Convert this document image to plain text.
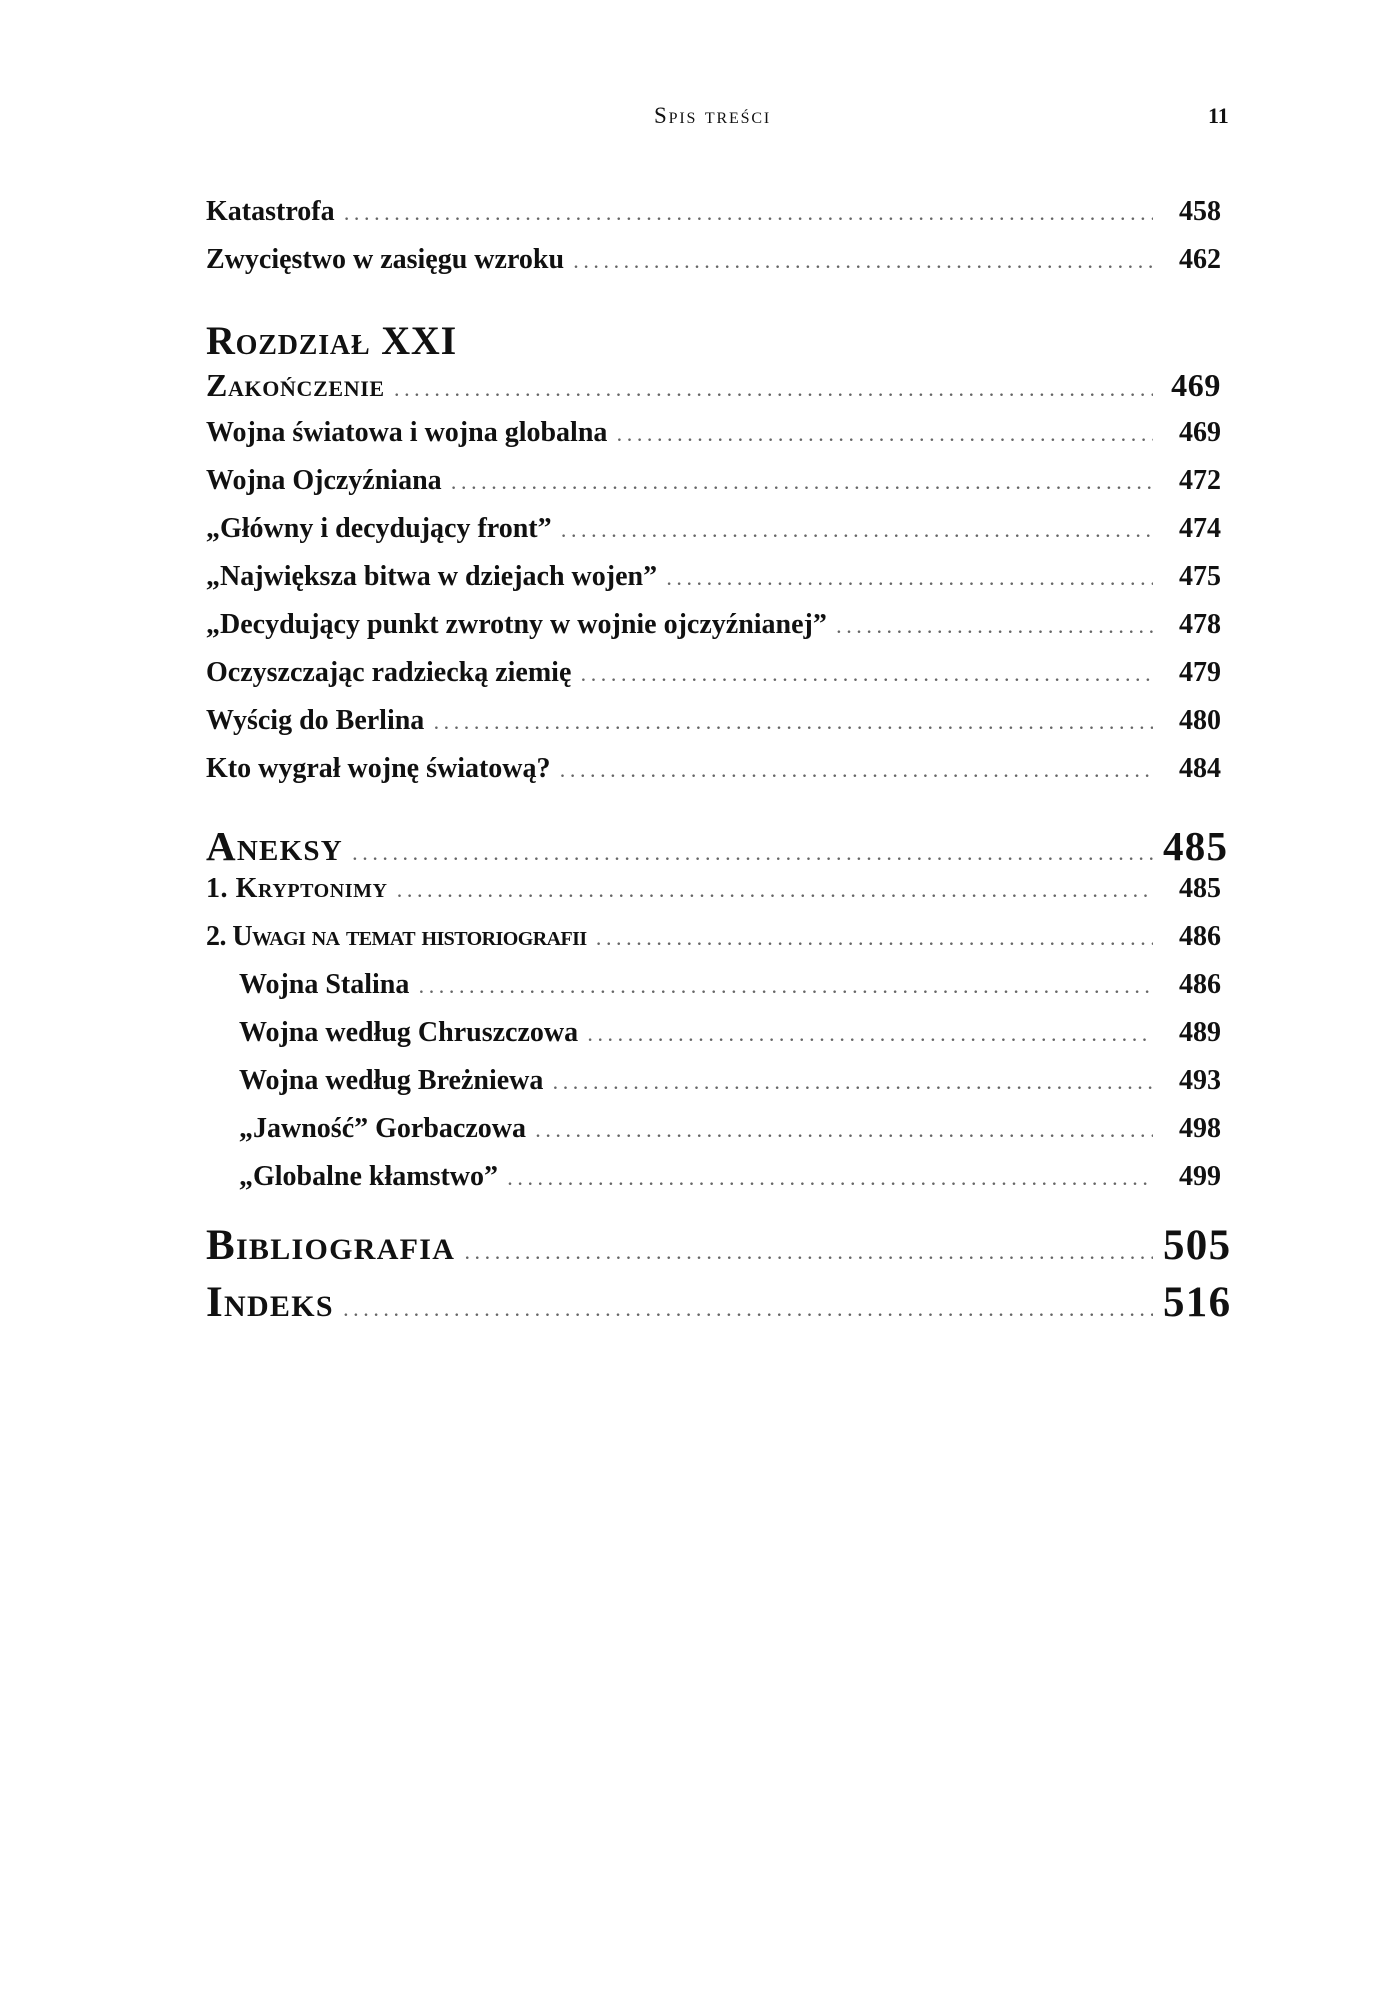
Spis treści	11
Katastrofa .....	458
Zwycięstwo w zasięgu wzroku .....	462
Rozdział XXI
Zakończenie .....	469
Wojna światowa i wojna globalna .....	469
Wojna Ojczyźniana .....	472
„Główny i decydujący front” .....	474
„Największa bitwa w dziejach wojen” .....	475
„Decydujący punkt zwrotny w wojnie ojczyźnianej” .....	478
Oczyszczając radziecką ziemię .....	479
Wyścig do Berlina .....	480
Kto wygrał wojnę światową? .....	484
Aneksy .....	485
1. Kryptonimy .....	485
2. Uwagi na temat historiografii .....	486
Wojna Stalina .....	486
Wojna według Chruszczowa .....	489
Wojna według Breżniewa .....	493
„Jawność” Gorbaczowa .....	498
„Globalne kłamstwo” .....	499
Bibliografia .....	505
Indeks .....	516
